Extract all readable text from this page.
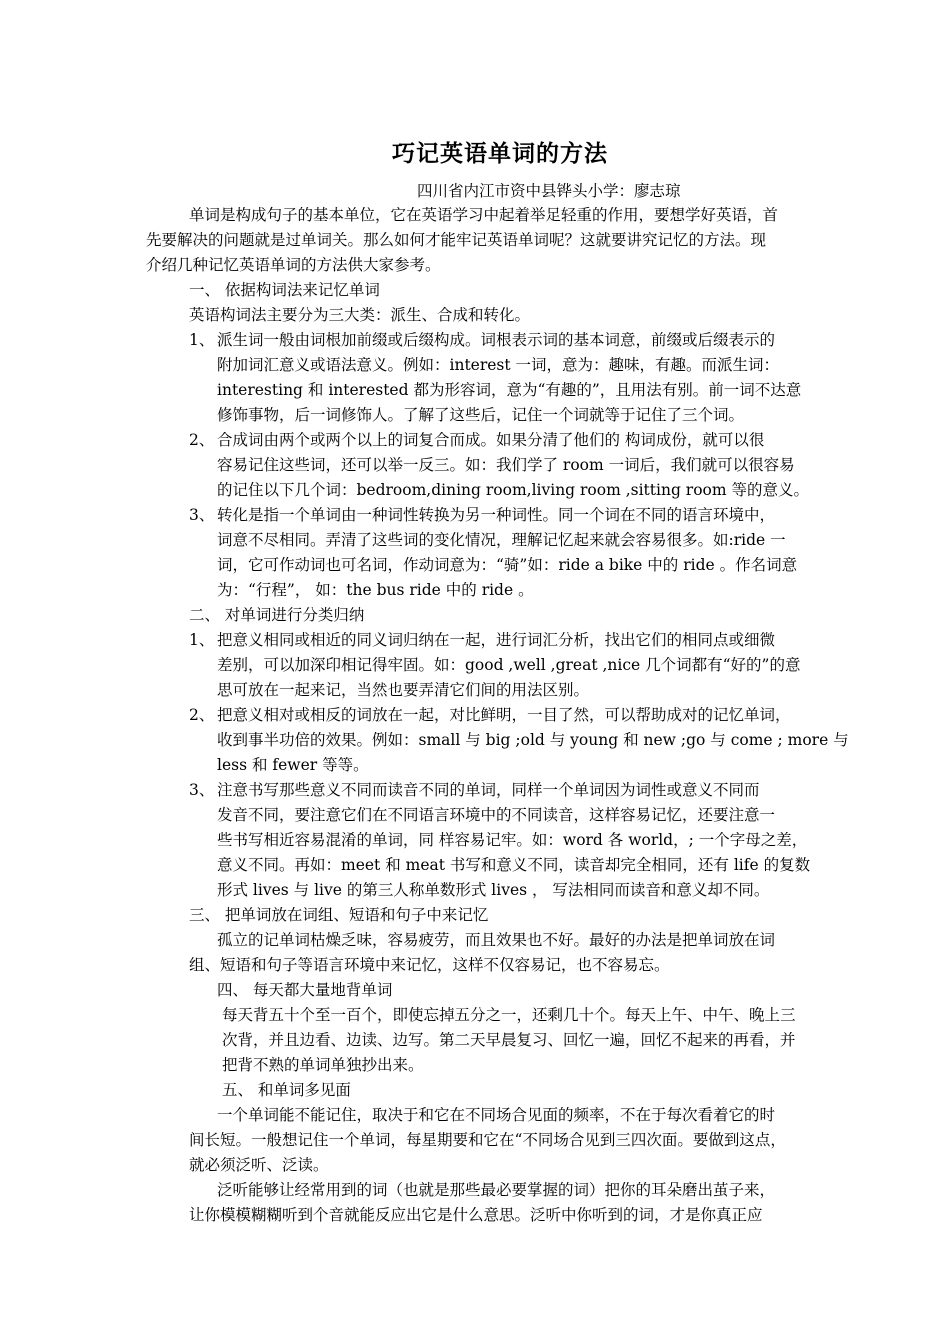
巧记英语单词的方法
四川省内江市资中县铧头小学：廖志琼
单词是构成句子的基本单位，它在英语学习中起着举足轻重的作用，要想学好英语，首
先要解决的问题就是过单词关。那么如何才能牢记英语单词呢？这就要讲究记忆的方法。现
介绍几种记忆英语单词的方法供大家参考。
一、 依据构词法来记忆单词
英语构词法主要分为三大类：派生、合成和转化。
1、 派生词一般由词根加前缀或后缀构成。词根表示词的基本词意，前缀或后缀表示的
附加词汇意义或语法意义。例如：interest 一词，意为：趣味，有趣。而派生词：
interesting 和 interested 都为形容词，意为“有趣的”，且用法有别。前一词不达意
修饰事物，后一词修饰人。了解了这些后，记住一个词就等于记住了三个词。
2、 合成词由两个或两个以上的词复合而成。如果分清了他们的 构词成份，就可以很
容易记住这些词，还可以举一反三。如：我们学了 room 一词后，我们就可以很容易
的记住以下几个词：bedroom,dining room,living room ,sitting room 等的意义。
3、 转化是指一个单词由一种词性转换为另一种词性。同一个词在不同的语言环境中，
词意不尽相同。弄清了这些词的变化情况，理解记忆起来就会容易很多。如:ride 一
词，它可作动词也可名词，作动词意为：“骑”如：ride a bike 中的 ride 。作名词意
为：“行程”， 如：the bus ride 中的 ride 。
二、 对单词进行分类归纳
1、 把意义相同或相近的同义词归纳在一起，进行词汇分析，找出它们的相同点或细微
差别，可以加深印相记得牢固。如：good ,well ,great ,nice 几个词都有“好的”的意
思可放在一起来记，当然也要弄清它们间的用法区别。
2、 把意义相对或相反的词放在一起，对比鲜明，一目了然，可以帮助成对的记忆单词，
收到事半功倍的效果。例如：small 与 big ;old 与 young 和 new ;go 与 come ; more 与
less 和 fewer 等等。
3、 注意书写那些意义不同而读音不同的单词，同样一个单词因为词性或意义不同而
发音不同，要注意它们在不同语言环境中的不同读音，这样容易记忆，还要注意一
些书写相近容易混淆的单词，同 样容易记牢。如：word 各 world，; 一个字母之差，
意义不同。再如：meet 和 meat 书写和意义不同，读音却完全相同，还有 life 的复数
形式 lives 与 live 的第三人称单数形式 lives ， 写法相同而读音和意义却不同。
三、 把单词放在词组、短语和句子中来记忆
孤立的记单词枯燥乏味，容易疲劳，而且效果也不好。最好的办法是把单词放在词
组、短语和句子等语言环境中来记忆，这样不仅容易记，也不容易忘。
四、 每天都大量地背单词
每天背五十个至一百个，即使忘掉五分之一，还剩几十个。每天上午、中午、晚上三
次背，并且边看、边读、边写。第二天早晨复习、回忆一遍，回忆不起来的再看，并
把背不熟的单词单独抄出来。
五、 和单词多见面
一个单词能不能记住，取决于和它在不同场合见面的频率，不在于每次看着它的时
间长短。一般想记住一个单词，每星期要和它在“不同场合见到三四次面。要做到这点，
就必须泛听、泛读。
泛听能够让经常用到的词（也就是那些最必要掌握的词）把你的耳朵磨出茧子来，
让你模模糊糊听到个音就能反应出它是什么意思。泛听中你听到的词，才是你真正应
